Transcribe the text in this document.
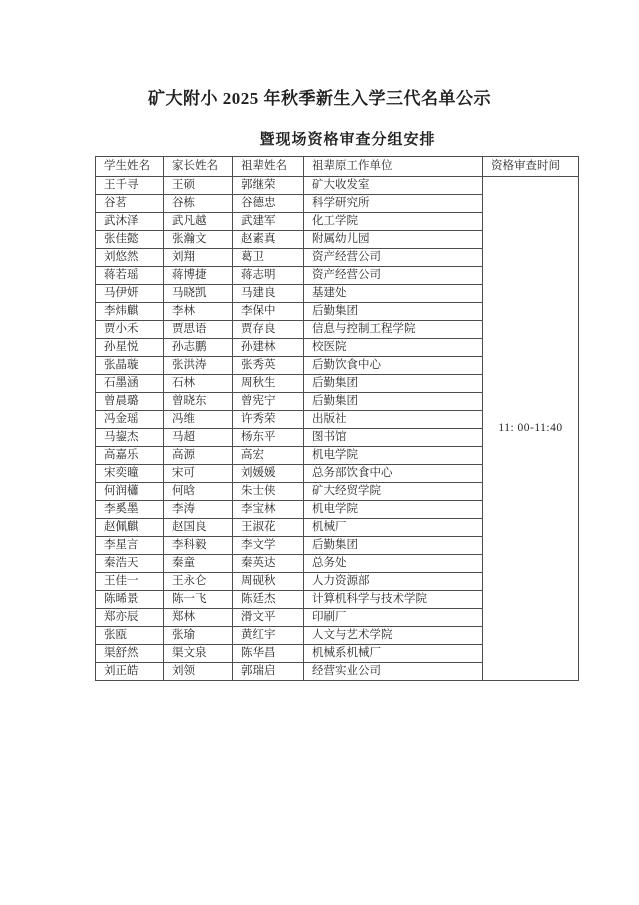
矿大附小 2025 年秋季新生入学三代名单公示
暨现场资格审查分组安排
学生姓名	家长姓名	祖辈姓名	祖辈原工作单位	资格审查时间
王千寻	王硕	郭继荣	矿大收发室	11: 00-11:40
谷茗	谷栋	谷德忠	科学研究所	
武沐泽	武凡越	武建军	化工学院	
张佳懿	张瀚文	赵素真	附属幼儿园	
刘悠然	刘翔	葛卫	资产经营公司	
蒋若瑶	蒋博捷	蒋志明	资产经营公司	
马伊妍	马晓凯	马建良	基建处	
李炜麒	李林	李保中	后勤集团	
贾小禾	贾思语	贾存良	信息与控制工程学院	
孙星悦	孙志鹏	孙建林	校医院	
张晶璇	张洪涛	张秀英	后勤饮食中心	
石墨涵	石林	周秋生	后勤集团	
曾晨璐	曾晓东	曾宪宁	后勤集团	
冯金瑶	冯维	许秀荣	出版社	
马鋆杰	马超	杨东平	图书馆	
高嘉乐	高源	高宏	机电学院	
宋奕曈	宋可	刘媛媛	总务部饮食中心	
何润櫹	何晗	朱士侠	矿大经贸学院	
李奚墨	李涛	李宝林	机电学院	
赵佩麒	赵国良	王淑花	机械厂	
李星言	李科毅	李文学	后勤集团	
秦浩天	秦童	秦英达	总务处	
王佳一	王永仑	周砚秋	人力资源部	
陈晞景	陈一飞	陈廷杰	计算机科学与技术学院	
郑亦辰	郑林	滑文平	印刷厂	
张瓯	张瑜	黄红宇	人文与艺术学院	
渠舒然	渠文泉	陈华昌	机械系机械厂	
刘正皓	刘领	郭瑞启	经营实业公司	
